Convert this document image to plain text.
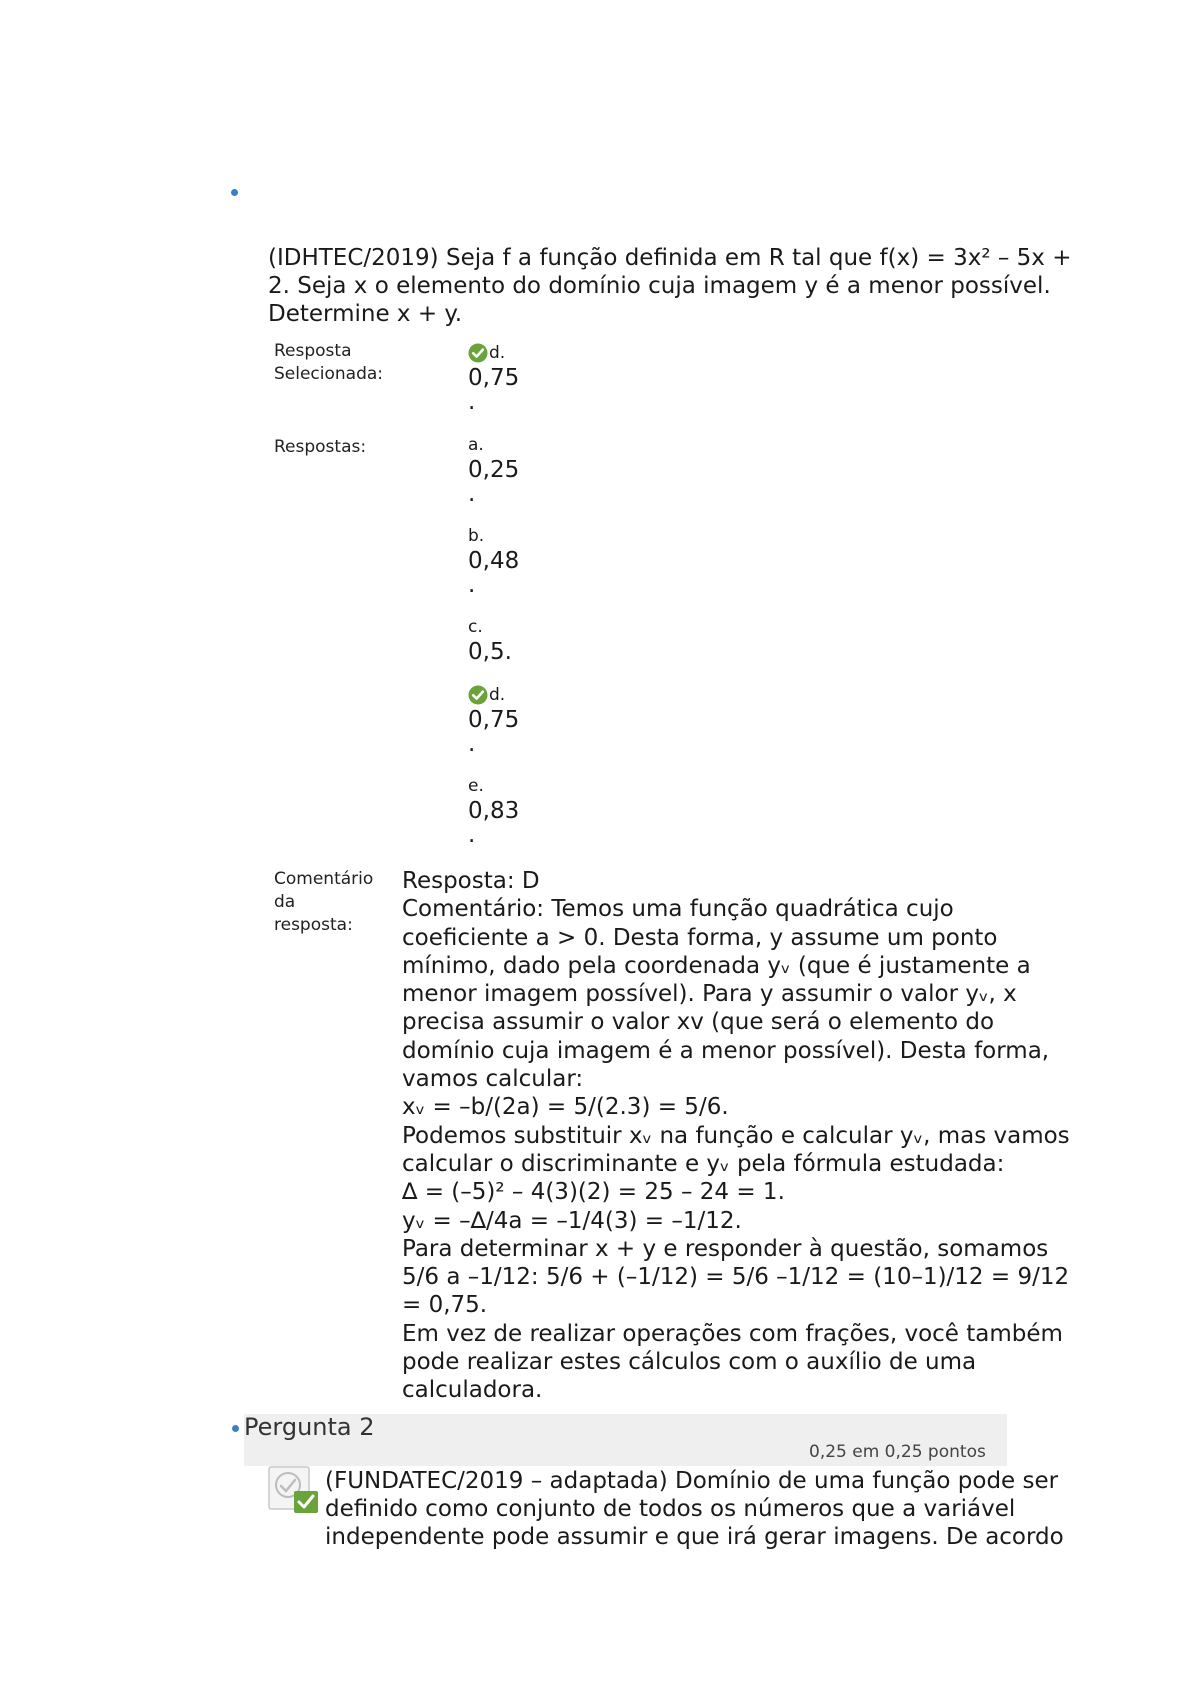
(IDHTEC/2019) Seja f a função definida em R tal que f(x) = 3x² – 5x +
2. Seja x o elemento do domínio cuja imagem y é a menor possível.
Determine x + y.
Resposta
Selecionada:
d.
0,75
.
Respostas:	a.
0,25
.
b.
0,48
.
c.
0,5.
d.
0,75
.
e.
0,83
.
Comentário
da
resposta:
Resposta: D
Comentário: Temos uma função quadrática cujo
coeficiente a > 0. Desta forma, y assume um ponto
mínimo, dado pela coordenada yᵥ (que é justamente a
menor imagem possível). Para y assumir o valor yᵥ, x
precisa assumir o valor xv (que será o elemento do
domínio cuja imagem é a menor possível). Desta forma,
vamos calcular:
xᵥ = –b/(2a) = 5/(2.3) = 5/6.
Podemos substituir xᵥ na função e calcular yᵥ, mas vamos
calcular o discriminante e yᵥ pela fórmula estudada:
∆ = (–5)² – 4(3)(2) = 25 – 24 = 1.
yᵥ = –∆/4a = –1/4(3) = –1/12.
Para determinar x + y e responder à questão, somamos
5/6 a –1/12: 5/6 + (–1/12) = 5/6 –1/12 = (10–1)/12 = 9/12
= 0,75.
Em vez de realizar operações com frações, você também
pode realizar estes cálculos com o auxílio de uma
calculadora.
Pergunta 2
0,25 em 0,25 pontos
(FUNDATEC/2019 – adaptada) Domínio de uma função pode ser
definido como conjunto de todos os números que a variável
independente pode assumir e que irá gerar imagens. De acordo
